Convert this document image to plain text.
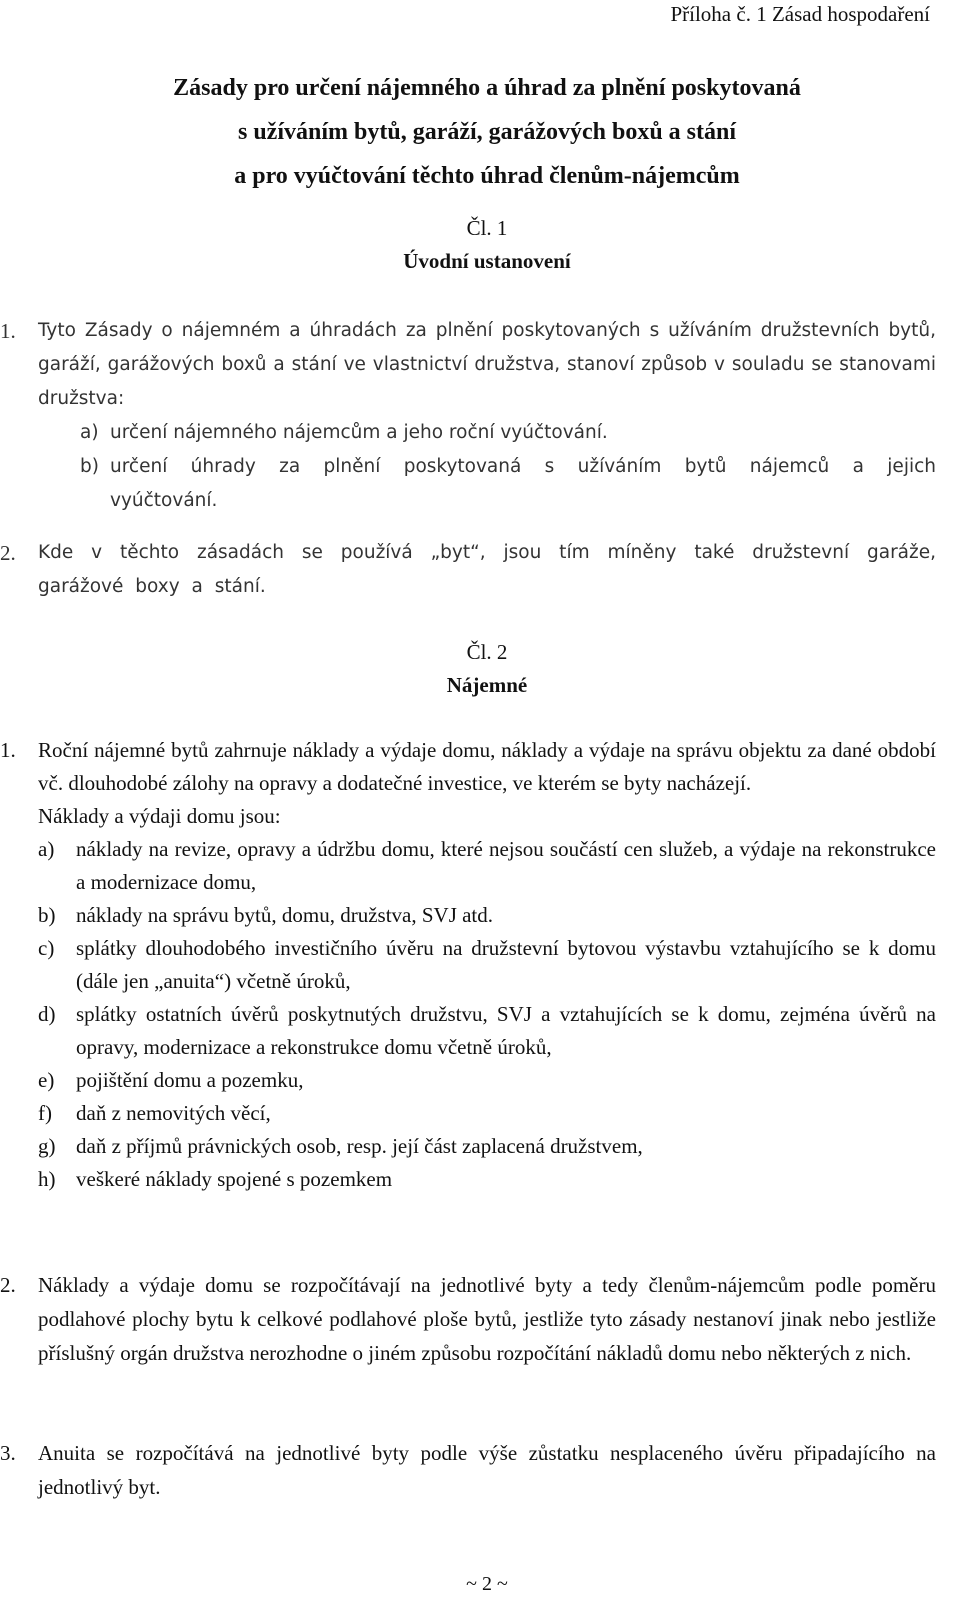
Příloha č. 1 Zásad hospodaření
Zásady pro určení nájemného a úhrad za plnění poskytovaná
s užíváním bytů, garáží, garážových boxů a stání
a pro vyúčtování těchto úhrad členům-nájemcům
Čl. 1
Úvodní ustanovení
1.	Tyto Zásady o nájemném a úhradách za plnění poskytovaných s užíváním družstevních bytů, garáží, garážových boxů a stání ve vlastnictví družstva, stanoví způsob v souladu se stanovami družstva:
a) určení nájemného nájemcům a jeho roční vyúčtování.
b) určení úhrady za plnění poskytovaná s užíváním bytů nájemců a jejich vyúčtování.
2.	Kde v těchto zásadách se používá „byt“, jsou tím míněny také družstevní garáže, garážové boxy a stání.
Čl. 2
Nájemné
1.	Roční nájemné bytů zahrnuje náklady a výdaje domu, náklady a výdaje na správu objektu za dané období vč. dlouhodobé zálohy na opravy a dodatečné investice, ve kterém se byty nacházejí.
Náklady a výdaji domu jsou:
a)	náklady na revize, opravy a údržbu domu, které nejsou součástí cen služeb, a výdaje na rekonstrukce a modernizace domu,
b) náklady na správu bytů, domu, družstva, SVJ atd.
c)	splátky dlouhodobého investičního úvěru na družstevní bytovou výstavbu vztahujícího se k domu (dále jen „anuita“) včetně úroků,
d) splátky ostatních úvěrů poskytnutých družstvu, SVJ a vztahujících se k domu, zejména úvěrů na opravy, modernizace a rekonstrukce domu včetně úroků,
e)	pojištění domu a pozemku,
f)	daň z nemovitých věcí,
g) daň z příjmů právnických osob, resp. její část zaplacená družstvem,
h) veškeré náklady spojené s pozemkem
2.	Náklady a výdaje domu se rozpočítávají na jednotlivé byty a tedy členům-nájemcům podle poměru podlahové plochy bytu k celkové podlahové ploše bytů, jestliže tyto zásady nestanoví jinak nebo jestliže příslušný orgán družstva nerozhodne o jiném způsobu rozpočítání nákladů domu nebo některých z nich.
3.	Anuita se rozpočítává na jednotlivé byty podle výše zůstatku nesplaceného úvěru připadajícího na jednotlivý byt.
~ 2 ~
